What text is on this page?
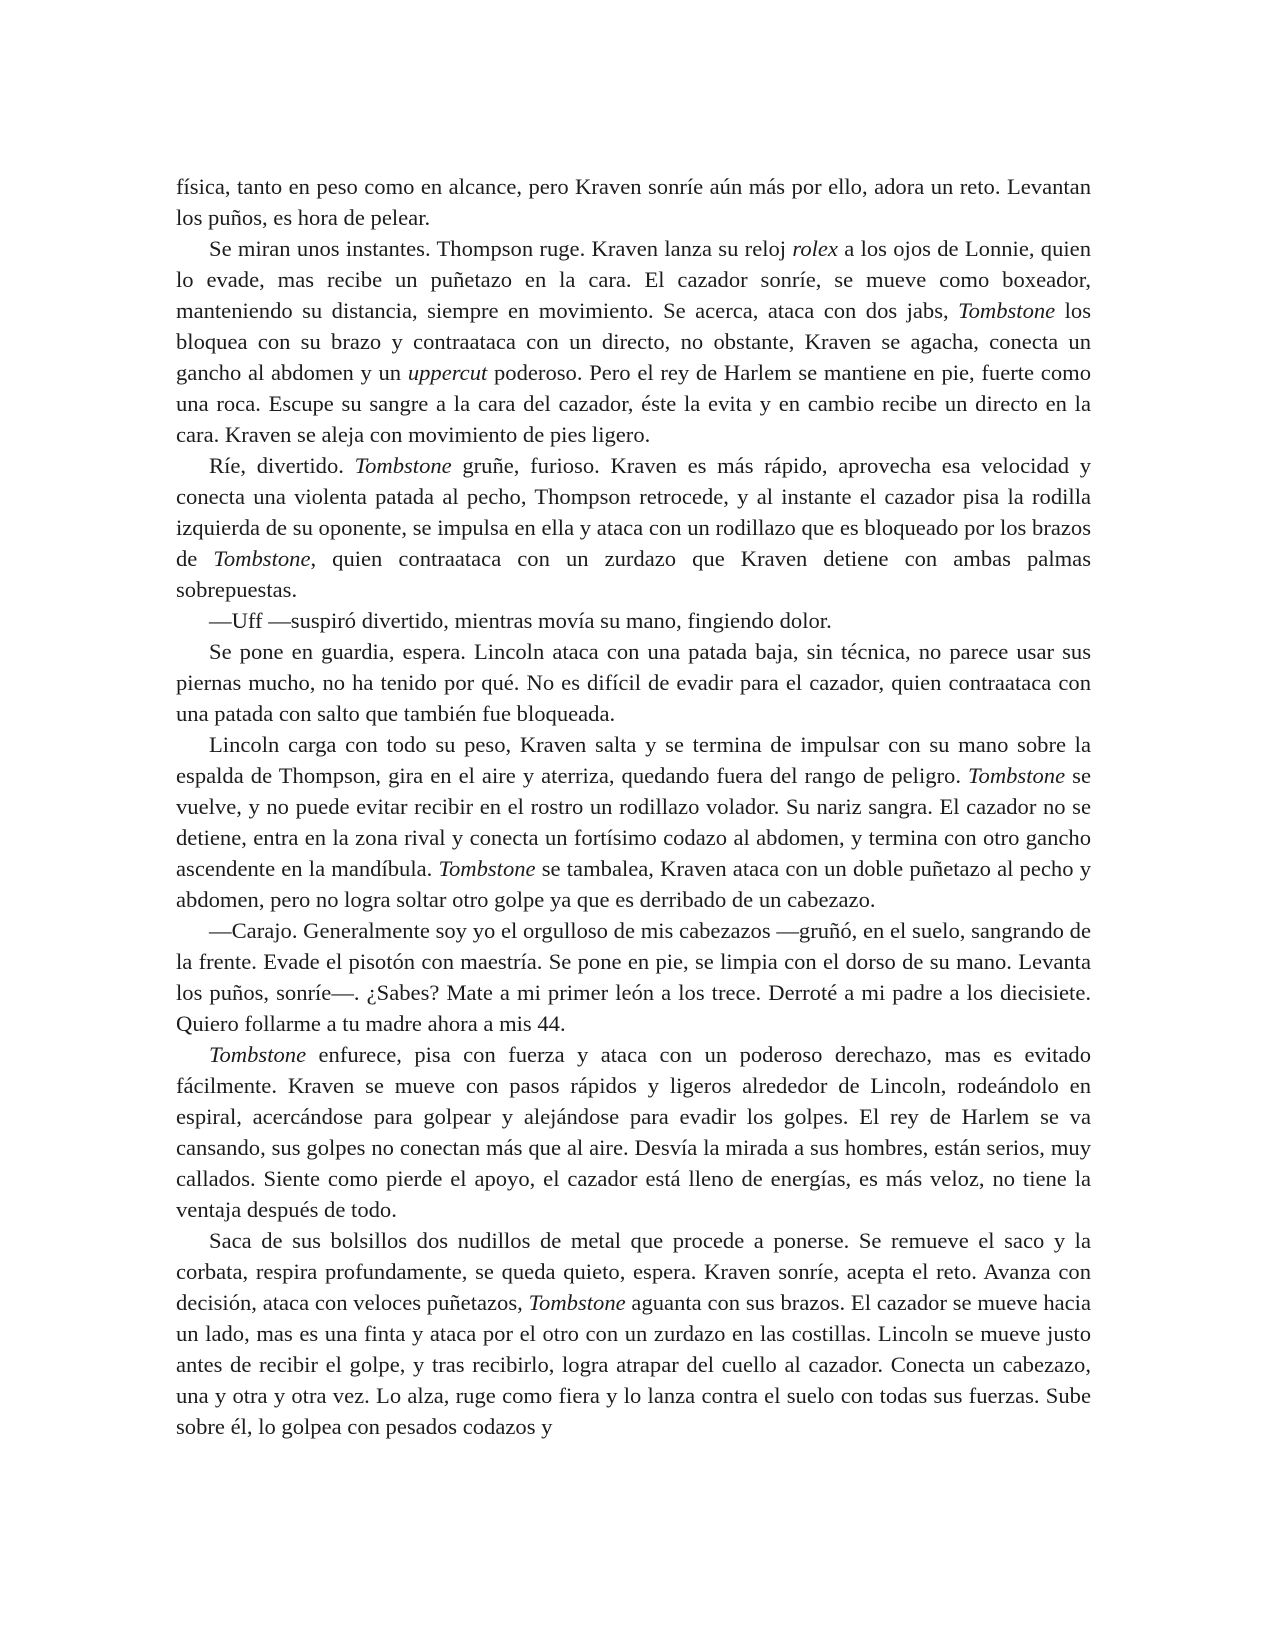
física, tanto en peso como en alcance, pero Kraven sonríe aún más por ello, adora un reto. Levantan los puños, es hora de pelear.

Se miran unos instantes. Thompson ruge. Kraven lanza su reloj rolex a los ojos de Lonnie, quien lo evade, mas recibe un puñetazo en la cara. El cazador sonríe, se mueve como boxeador, manteniendo su distancia, siempre en movimiento. Se acerca, ataca con dos jabs, Tombstone los bloquea con su brazo y contraataca con un directo, no obstante, Kraven se agacha, conecta un gancho al abdomen y un uppercut poderoso. Pero el rey de Harlem se mantiene en pie, fuerte como una roca. Escupe su sangre a la cara del cazador, éste la evita y en cambio recibe un directo en la cara. Kraven se aleja con movimiento de pies ligero.

Ríe, divertido. Tombstone gruñe, furioso. Kraven es más rápido, aprovecha esa velocidad y conecta una violenta patada al pecho, Thompson retrocede, y al instante el cazador pisa la rodilla izquierda de su oponente, se impulsa en ella y ataca con un rodillazo que es bloqueado por los brazos de Tombstone, quien contraataca con un zurdazo que Kraven detiene con ambas palmas sobrepuestas.

—Uff —suspiró divertido, mientras movía su mano, fingiendo dolor.

Se pone en guardia, espera. Lincoln ataca con una patada baja, sin técnica, no parece usar sus piernas mucho, no ha tenido por qué. No es difícil de evadir para el cazador, quien contraataca con una patada con salto que también fue bloqueada.

Lincoln carga con todo su peso, Kraven salta y se termina de impulsar con su mano sobre la espalda de Thompson, gira en el aire y aterriza, quedando fuera del rango de peligro. Tombstone se vuelve, y no puede evitar recibir en el rostro un rodillazo volador. Su nariz sangra. El cazador no se detiene, entra en la zona rival y conecta un fortísimo codazo al abdomen, y termina con otro gancho ascendente en la mandíbula. Tombstone se tambalea, Kraven ataca con un doble puñetazo al pecho y abdomen, pero no logra soltar otro golpe ya que es derribado de un cabezazo.

—Carajo. Generalmente soy yo el orgulloso de mis cabezazos —gruñó, en el suelo, sangrando de la frente. Evade el pisotón con maestría. Se pone en pie, se limpia con el dorso de su mano. Levanta los puños, sonríe—. ¿Sabes? Mate a mi primer león a los trece. Derroté a mi padre a los diecisiete. Quiero follarme a tu madre ahora a mis 44.

Tombstone enfurece, pisa con fuerza y ataca con un poderoso derechazo, mas es evitado fácilmente. Kraven se mueve con pasos rápidos y ligeros alrededor de Lincoln, rodeándolo en espiral, acercándose para golpear y alejándose para evadir los golpes. El rey de Harlem se va cansando, sus golpes no conectan más que al aire. Desvía la mirada a sus hombres, están serios, muy callados. Siente como pierde el apoyo, el cazador está lleno de energías, es más veloz, no tiene la ventaja después de todo.

Saca de sus bolsillos dos nudillos de metal que procede a ponerse. Se remueve el saco y la corbata, respira profundamente, se queda quieto, espera. Kraven sonríe, acepta el reto. Avanza con decisión, ataca con veloces puñetazos, Tombstone aguanta con sus brazos. El cazador se mueve hacia un lado, mas es una finta y ataca por el otro con un zurdazo en las costillas. Lincoln se mueve justo antes de recibir el golpe, y tras recibirlo, logra atrapar del cuello al cazador. Conecta un cabezazo, una y otra y otra vez. Lo alza, ruge como fiera y lo lanza contra el suelo con todas sus fuerzas. Sube sobre él, lo golpea con pesados codazos y
